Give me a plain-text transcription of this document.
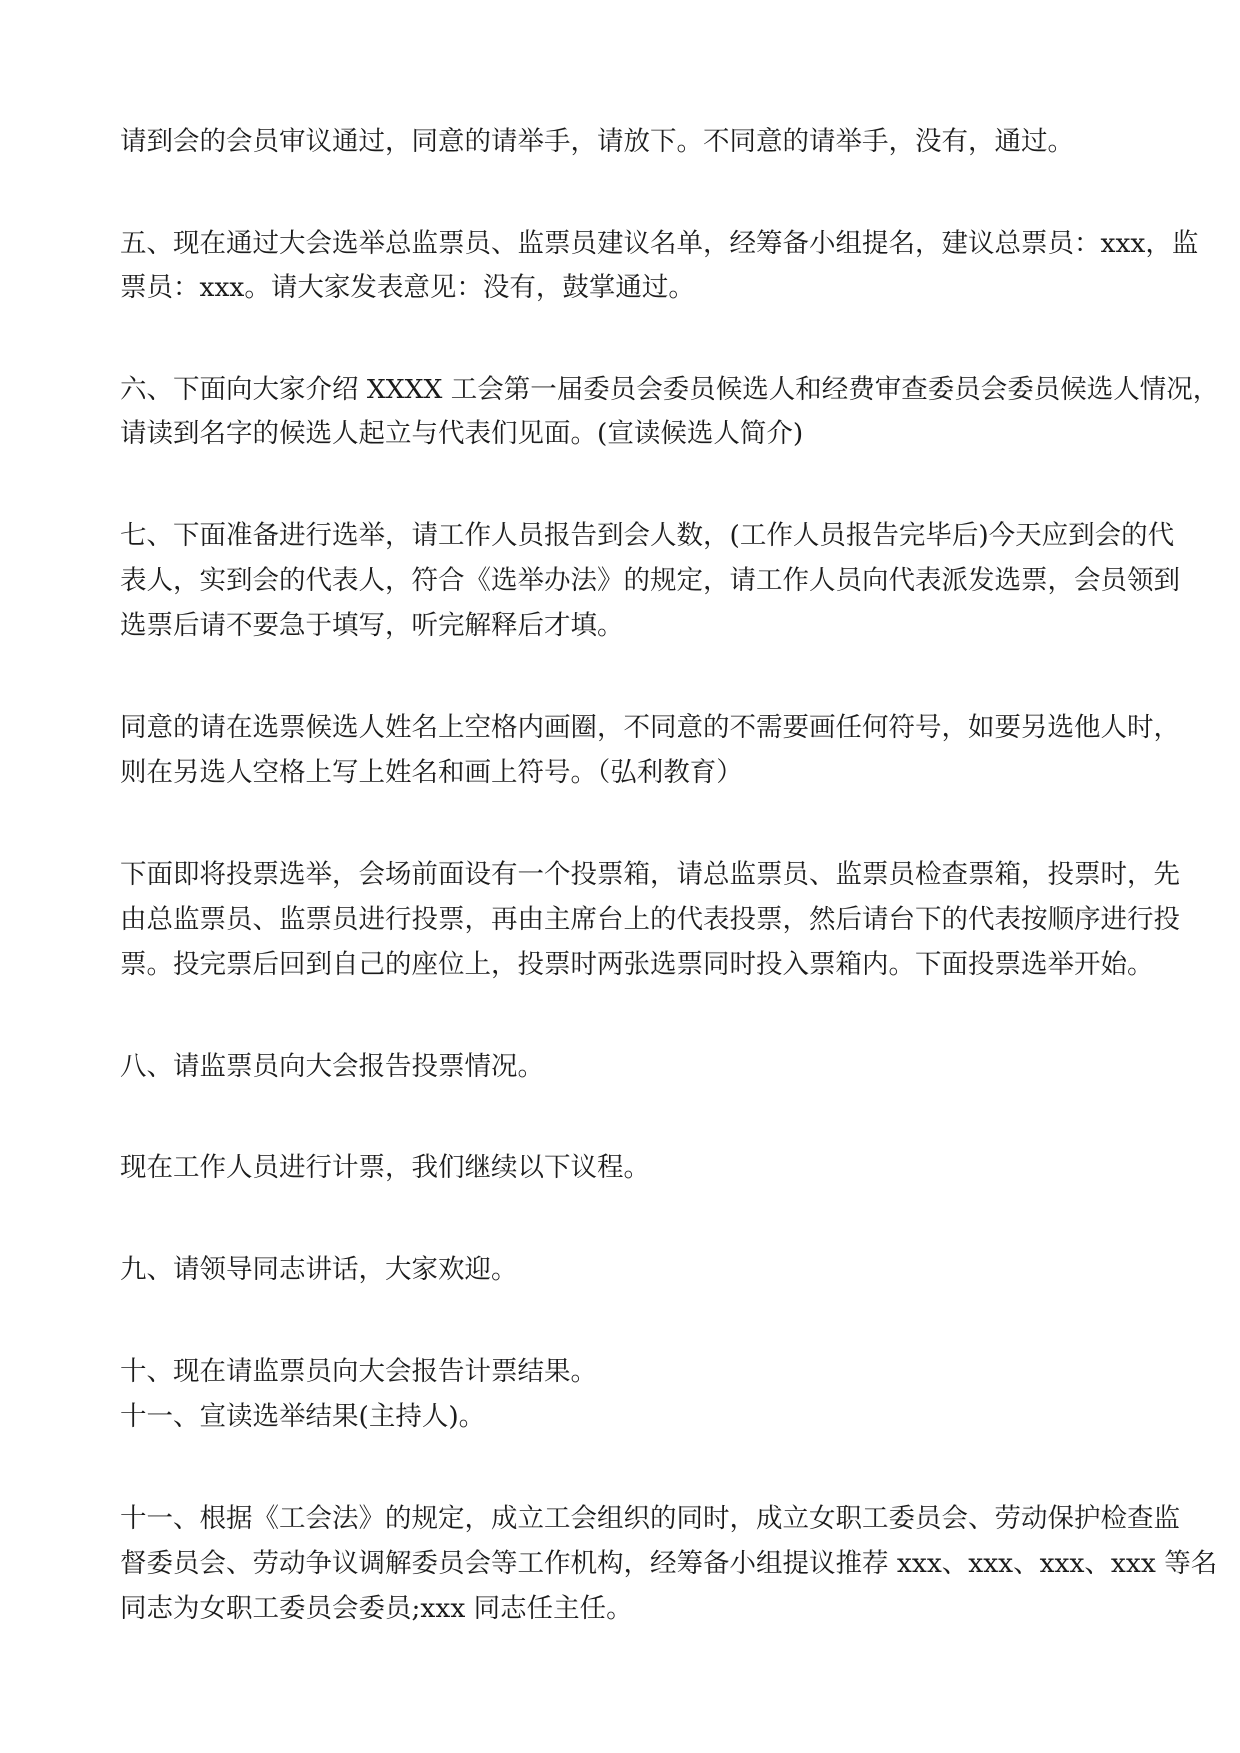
请到会的会员审议通过，同意的请举手，请放下。不同意的请举手，没有，通过。

五、现在通过大会选举总监票员、监票员建议名单，经筹备小组提名，建议总票员：xxx，监

票员：xxx。请大家发表意见：没有，鼓掌通过。

六、下面向大家介绍 XXXX 工会第一届委员会委员候选人和经费审查委员会委员候选人情况，

请读到名字的候选人起立与代表们见面。(宣读候选人简介)

七、下面准备进行选举，请工作人员报告到会人数，(工作人员报告完毕后)今天应到会的代

表人，实到会的代表人，符合《选举办法》的规定，请工作人员向代表派发选票，会员领到

选票后请不要急于填写，听完解释后才填。

同意的请在选票候选人姓名上空格内画圈，不同意的不需要画任何符号，如要另选他人时，

则在另选人空格上写上姓名和画上符号。（弘利教育）

下面即将投票选举，会场前面设有一个投票箱，请总监票员、监票员检查票箱，投票时，先

由总监票员、监票员进行投票，再由主席台上的代表投票，然后请台下的代表按顺序进行投

票。投完票后回到自己的座位上，投票时两张选票同时投入票箱内。下面投票选举开始。

八、请监票员向大会报告投票情况。

现在工作人员进行计票，我们继续以下议程。

九、请领导同志讲话，大家欢迎。

十、现在请监票员向大会报告计票结果。

十一、宣读选举结果(主持人)。

十一、根据《工会法》的规定，成立工会组织的同时，成立女职工委员会、劳动保护检查监

督委员会、劳动争议调解委员会等工作机构，经筹备小组提议推荐 xxx、xxx、xxx、xxx 等名

同志为女职工委员会委员;xxx 同志任主任。
